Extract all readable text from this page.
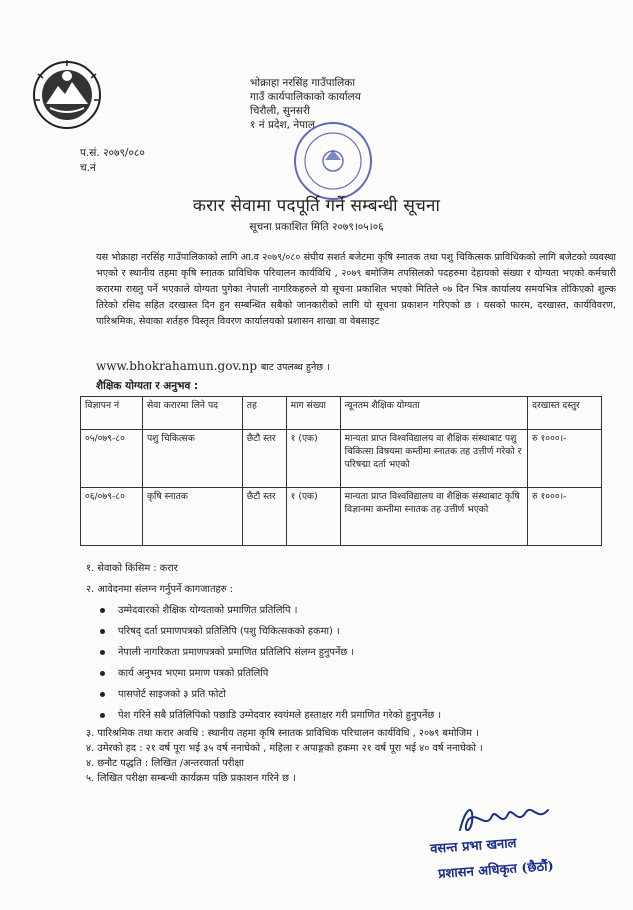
भोक्राहा नरसिंह गाउँपालिका
गाउँ कार्यपालिकाको कार्यालय
चिरौली, सुनसरी
१ नं प्रदेश, नेपाल
प.सं. २०७९/०८०
च.नं
करार सेवामा पदपूर्ति गर्ने सम्बन्धी सूचना
सूचना प्रकाशित मिति २०७९।०५।०६
यस भोक्राहा नरसिंह गाउँपालिकाको लागि आ.व २०७९/०८० संघीय सशर्त बजेटमा कृषि स्नातक तथा पशु चिकित्सक प्राविधिकको लागि बजेटको व्यवस्था भएको र स्थानीय तहमा कृषि स्नातक प्राविधिक परिचालन कार्यविधि , २०७९ बमोजिम तपसिलको पदहरुमा देहायको संख्या र योग्यता भएको कर्मचारी करारमा राख्नु पर्ने भएकाले योग्यता पुगेका नेपाली नागरिकहरुले यो सूचना प्रकाशित भएको मितिले ०७ दिन भित्र कार्यालय समयभित्र तोकिएको शुल्क तिरेको रसिद सहित दरखास्त दिन हुन सम्बन्धित सबैको जानकारीको लागि यो सूचना प्रकाशन गरिएको छ । यसको फारम, दरखास्त, कार्यविवरण, पारिश्रमिक, सेवाका शर्तहरु विस्तृत विवरण कार्यालयको प्रशासन शाखा वा वेबसाइट
www.bhokrahamun.gov.np बाट उपलब्ध हुनेछ ।
शैक्षिक योग्यता र अनुभव :
विज्ञापन नं	सेवा करारमा लिने पद	तह	माग संख्या	न्यूनतम शैक्षिक योग्यता	दरखास्त दस्तुर
०५/०७९-८०	पशु चिकित्सक	छैटौ स्तर	१ (एक)	मान्यता प्राप्त विश्वविद्यालय वा शैक्षिक संस्थाबाट पशु चिकित्सा विषयमा कम्तीमा स्नातक तह उत्तीर्ण गरेको र परिषद्मा दर्ता भएको	रु १०००।-
०६/०७९-८०	कृषि स्नातक	छैटौ स्तर	१ (एक)	मान्यता प्राप्त विश्वविद्यालय वा शैक्षिक संस्थाबाट कृषि विज्ञानमा कम्तीमा स्नातक तह उत्तीर्ण भएको	रु १०००।-
१. सेवाको किसिम : करार
२. आवेदनमा संलग्न गर्नुपर्ने कागजातहरु :
उम्मेदवारको शैक्षिक योग्यताको प्रमाणित प्रतिलिपि ।
परिषद् दर्ता प्रमाणपत्रको प्रतिलिपि (पशु चिकित्सकको हकमा) ।
नेपाली नागरिकता प्रमाणपत्रको प्रमाणित प्रतिलिपि संलग्न हुनुपर्नेछ ।
कार्य अनुभव भएमा प्रमाण पत्रको प्रतिलिपि
पासपोर्ट साइजको ३ प्रति फोटो
पेश गरिने सबै प्रतिलिपिको पछाडि उम्मेदवार स्वयंमले हस्ताक्षर गरी प्रमाणित गरेको हुनुपर्नेछ ।
३. पारिश्रमिक तथा करार अवधि : स्थानीय तहमा कृषि स्नातक प्राविधिक परिचालन कार्यविधि , २०७९ बमोजिम ।
४. उमेरको हद : २१ वर्ष पूरा भई ३५ वर्ष ननाघेको , महिला र अपाङ्गको हकमा २१ वर्ष पूरा भई ४० वर्ष ननाघेको ।
४. छनौट पद्धति : लिखित /अन्तरवार्ता परीक्षा
५. लिखित परीक्षा सम्बन्धी कार्यक्रम पछि प्रकाशन गरिने छ ।
वसन्त प्रभा खनाल
प्रशासन अधिकृत (छैठौं)
